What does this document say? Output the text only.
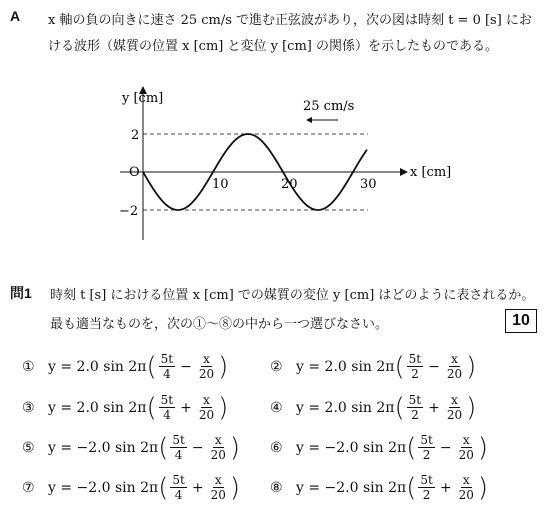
A x 軸の負の向きに速さ 25 cm/s で進む正弦波があり，次の図は時刻 t = 0 [s] にお
ける波形（媒質の位置 x [cm] と変位 y [cm] の関係）を示したものである。
y [cm]
x [cm]
O
25 cm/s
2
−2
10	20	30
問1 時刻 t [s] における位置 x [cm] での媒質の変位 y [cm] はどのように表されるか。
最も適当なものを，次の①～⑧の中から一つ選びなさい。	10
① y = 2.0 sin 2π ( $\frac{5t}{4} - \frac{x}{20}$ )	② y = 2.0 sin 2π ( $\frac{5t}{2} - \frac{x}{20}$ )
③ y = 2.0 sin 2π ( $\frac{5t}{4} + \frac{x}{20}$ )	④ y = 2.0 sin 2π ( $\frac{5t}{2} + \frac{x}{20}$ )
⑤ y = −2.0 sin 2π ( $\frac{5t}{4} - \frac{x}{20}$ ) ⑥ y = −2.0 sin 2π ( $\frac{5t}{2} - \frac{x}{20}$ )
⑦ y = −2.0 sin 2π ( $\frac{5t}{4} + \frac{x}{20}$ ) ⑧ y = −2.0 sin 2π ( $\frac{5t}{2} + \frac{x}{20}$ )
